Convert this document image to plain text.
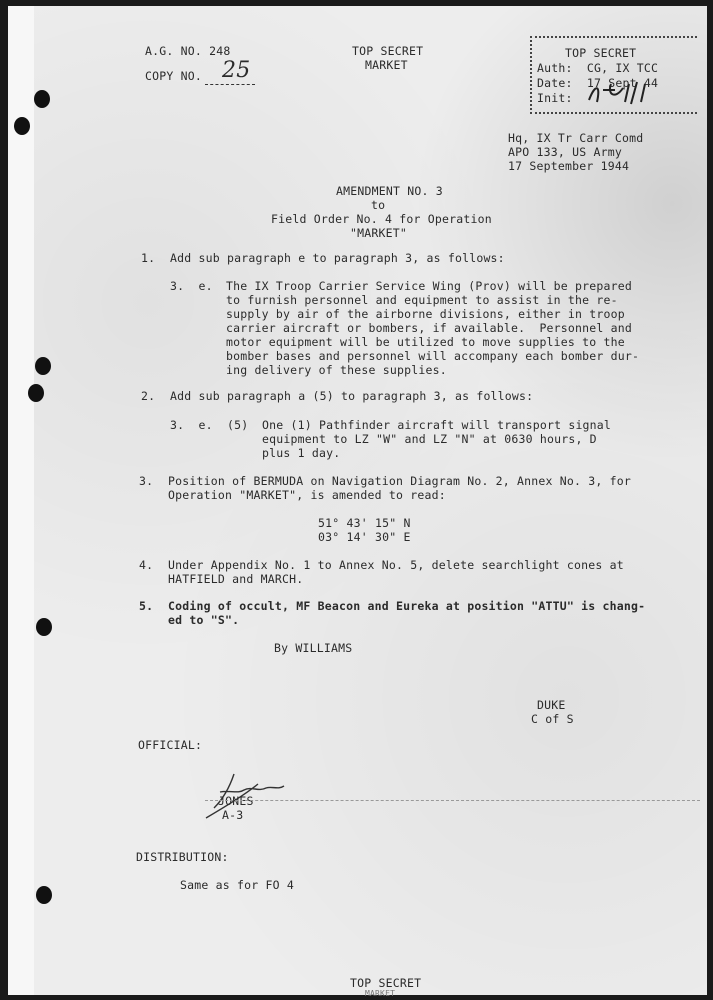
A.G. NO. 248
COPY NO. 25
TOP SECRET
MARKET
TOP SECRET
Auth:  CG, IX TCC
Date:  17 Sept 44
Init:
Hq, IX Tr Carr Comd
APO 133, US Army
17 September 1944
AMENDMENT NO. 3
to
Field Order No. 4 for Operation
"MARKET"
1. Add sub paragraph e to paragraph 3, as follows:
3.  e. The IX Troop Carrier Service Wing (Prov) will be prepared
to furnish personnel and equipment to assist in the re-
supply by air of the airborne divisions, either in troop
carrier aircraft or bombers, if available.  Personnel and
motor equipment will be utilized to move supplies to the
bomber bases and personnel will accompany each bomber dur-
ing delivery of these supplies.
2. Add sub paragraph a (5) to paragraph 3, as follows:
3.  e.  (5) One (1) Pathfinder aircraft will transport signal
equipment to LZ "W" and LZ "N" at 0630 hours, D
plus 1 day.
3. Position of BERMUDA on Navigation Diagram No. 2, Annex No. 3, for
Operation "MARKET", is amended to read:
51° 43' 15" N
03° 14' 30" E
4. Under Appendix No. 1 to Annex No. 5, delete searchlight cones at
HATFIELD and MARCH.
5. Coding of occult, MF Beacon and Eureka at position "ATTU" is chang-
ed to "S".
By WILLIAMS
DUKE
C of S
OFFICIAL:
JONES
A-3
DISTRIBUTION:
Same as for FO 4
TOP SECRET
MARKET
